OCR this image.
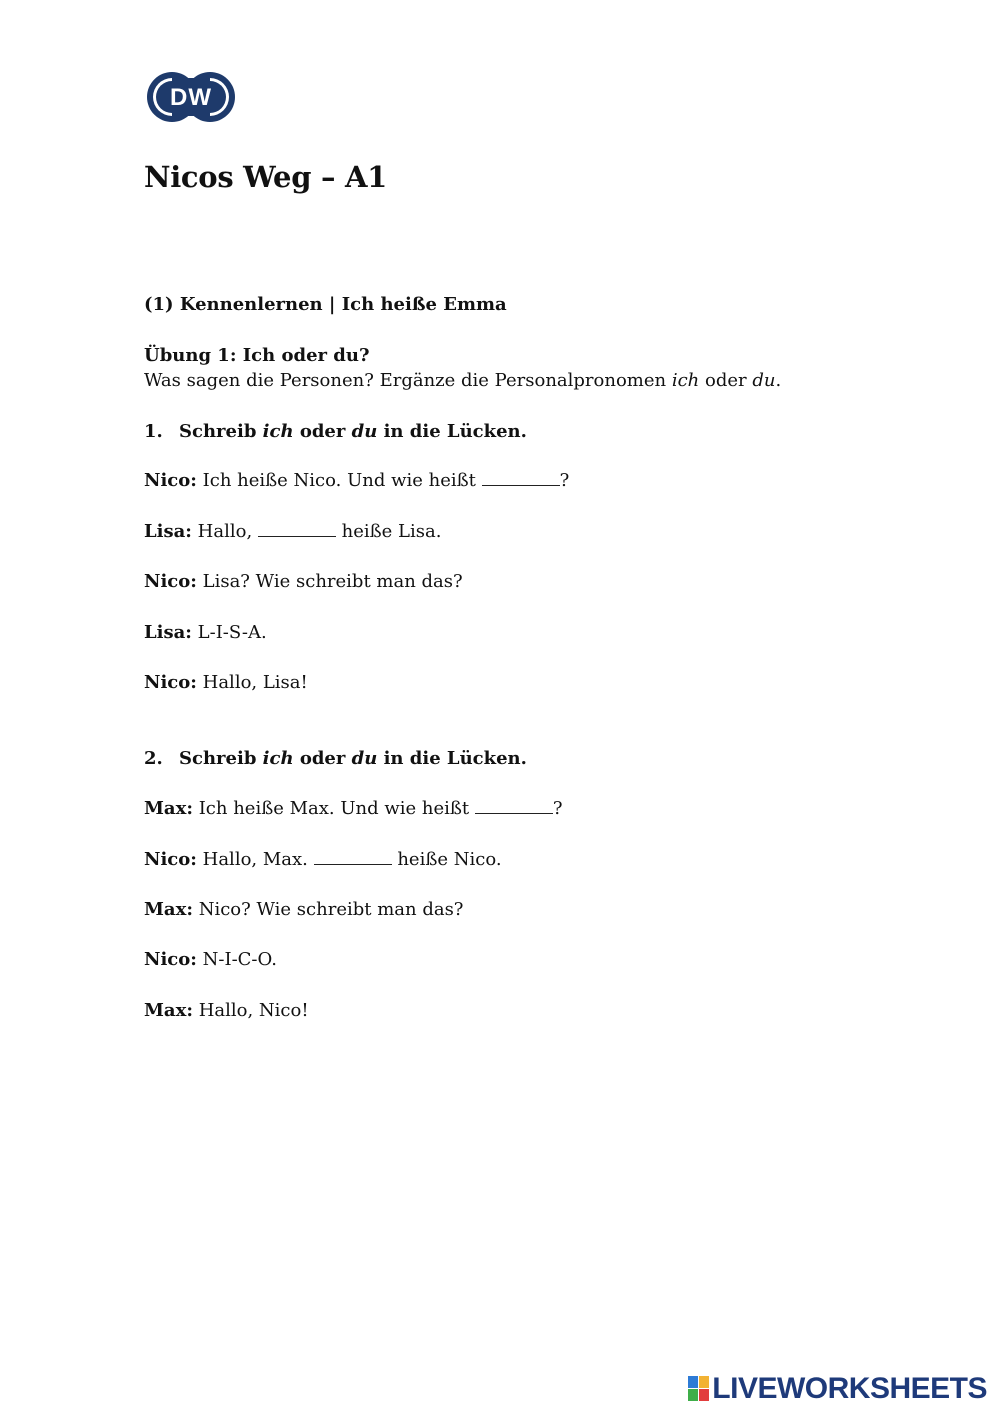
DW
Nicos Weg – A1
(1) Kennenlernen | Ich heiße Emma
Übung 1: Ich oder du?
Was sagen die Personen? Ergänze die Personalpronomen ich oder du.
1. Schreib ich oder du in die Lücken.
Nico: Ich heiße Nico. Und wie heißt	?
Lisa: Hallo,	heiße Lisa.
Nico: Lisa? Wie schreibt man das?
Lisa: L-I-S-A.
Nico: Hallo, Lisa!
2. Schreib ich oder du in die Lücken.
Max: Ich heiße Max. Und wie heißt	?
Nico: Hallo, Max.	heiße Nico.
Max: Nico? Wie schreibt man das?
Nico: N-I-C-O.
Max: Hallo, Nico!
LIVEWORKSHEETS
